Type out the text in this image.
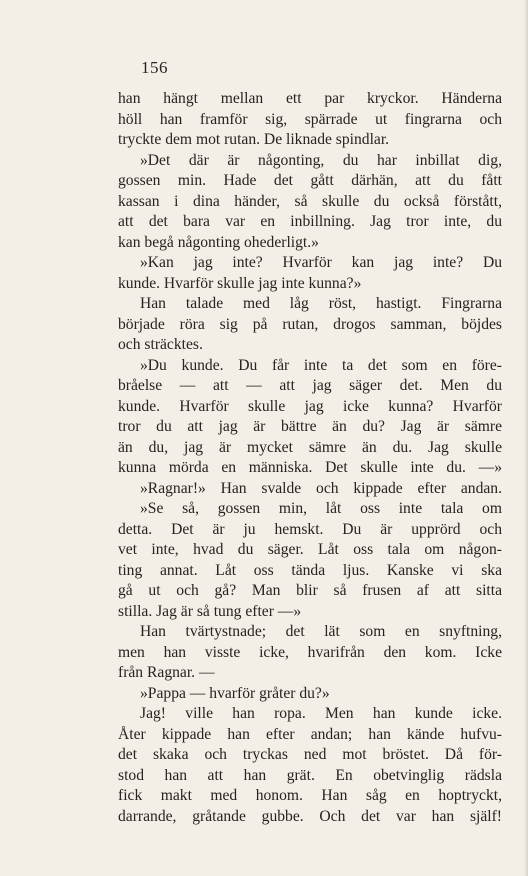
156
han hängt mellan ett par kryckor. Händerna
höll han framför sig, spärrade ut fingrarna och
tryckte dem mot rutan. De liknade spindlar.
»Det där är någonting, du har inbillat dig,
gossen min. Hade det gått därhän, att du fått
kassan i dina händer, så skulle du också förstått,
att det bara var en inbillning. Jag tror inte, du
kan begå någonting ohederligt.»
»Kan jag inte? Hvarför kan jag inte? Du
kunde. Hvarför skulle jag inte kunna?»
Han talade med låg röst, hastigt. Fingrarna
började röra sig på rutan, drogos samman, böjdes
och sträcktes.
»Du kunde. Du får inte ta det som en före-
bråelse — att — att jag säger det. Men du
kunde. Hvarför skulle jag icke kunna? Hvarför
tror du att jag är bättre än du? Jag är sämre
än du, jag är mycket sämre än du. Jag skulle
kunna mörda en människa. Det skulle inte du. —»
»Ragnar!» Han svalde och kippade efter andan.
»Se så, gossen min, låt oss inte tala om
detta. Det är ju hemskt. Du är upprörd och
vet inte, hvad du säger. Låt oss tala om någon-
ting annat. Låt oss tända ljus. Kanske vi ska
gå ut och gå? Man blir så frusen af att sitta
stilla. Jag är så tung efter —»
Han tvärtystnade; det lät som en snyftning,
men han visste icke, hvarifrån den kom. Icke
från Ragnar. —
»Pappa — hvarför gråter du?»
Jag! ville han ropa. Men han kunde icke.
Åter kippade han efter andan; han kände hufvu-
det skaka och tryckas ned mot bröstet. Då för-
stod han att han grät. En obetvinglig rädsla
fick makt med honom. Han såg en hoptryckt,
darrande, gråtande gubbe. Och det var han själf!
